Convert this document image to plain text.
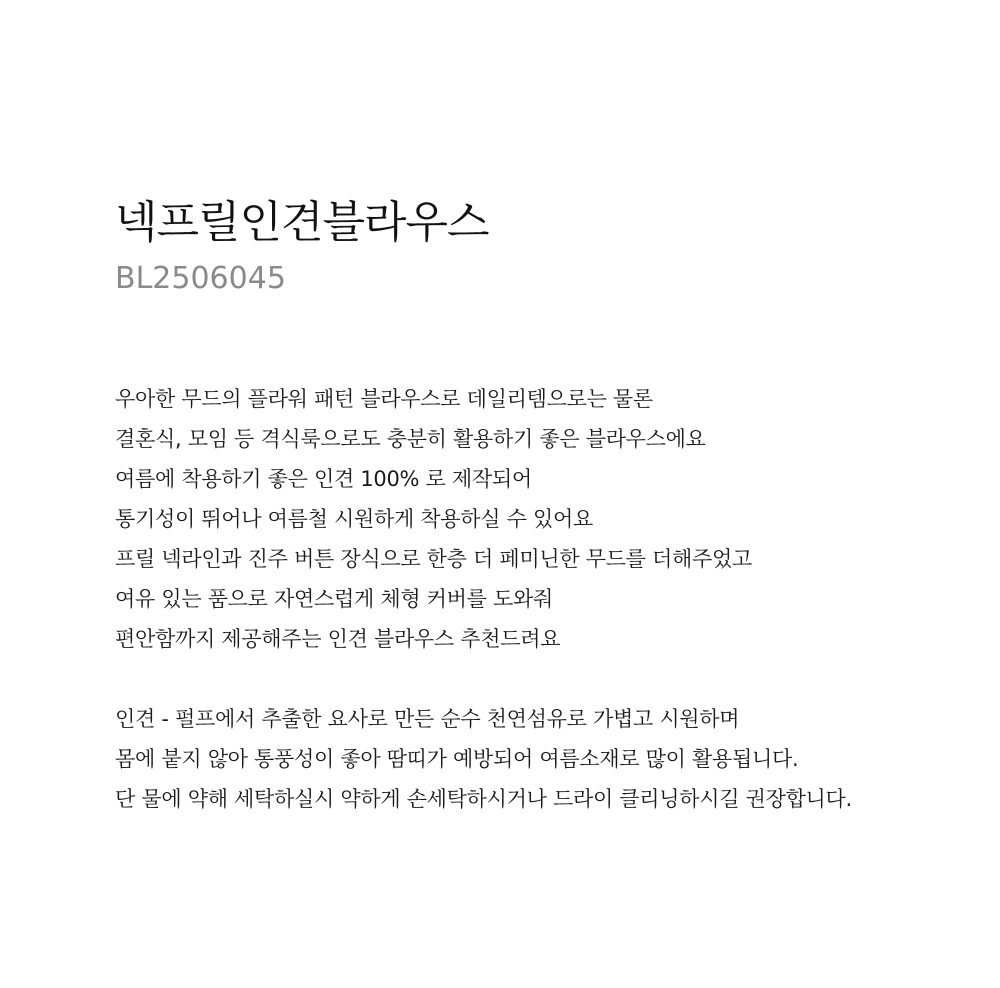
넥프릴인견블라우스
BL2506045
우아한 무드의 플라워 패턴 블라우스로 데일리템으로는 물론
결혼식, 모임 등 격식룩으로도 충분히 활용하기 좋은 블라우스에요
여름에 착용하기 좋은 인견 100% 로 제작되어
통기성이 뛰어나 여름철 시원하게 착용하실 수 있어요
프릴 넥라인과 진주 버튼 장식으로 한층 더 페미닌한 무드를 더해주었고
여유 있는 품으로 자연스럽게 체형 커버를 도와줘
편안함까지 제공해주는 인견 블라우스 추천드려요
인견 - 펄프에서 추출한 요사로 만든 순수 천연섬유로 가볍고 시원하며
몸에 붙지 않아 통풍성이 좋아 땀띠가 예방되어 여름소재로 많이 활용됩니다.
단 물에 약해 세탁하실시 약하게 손세탁하시거나 드라이 클리닝하시길 권장합니다.
